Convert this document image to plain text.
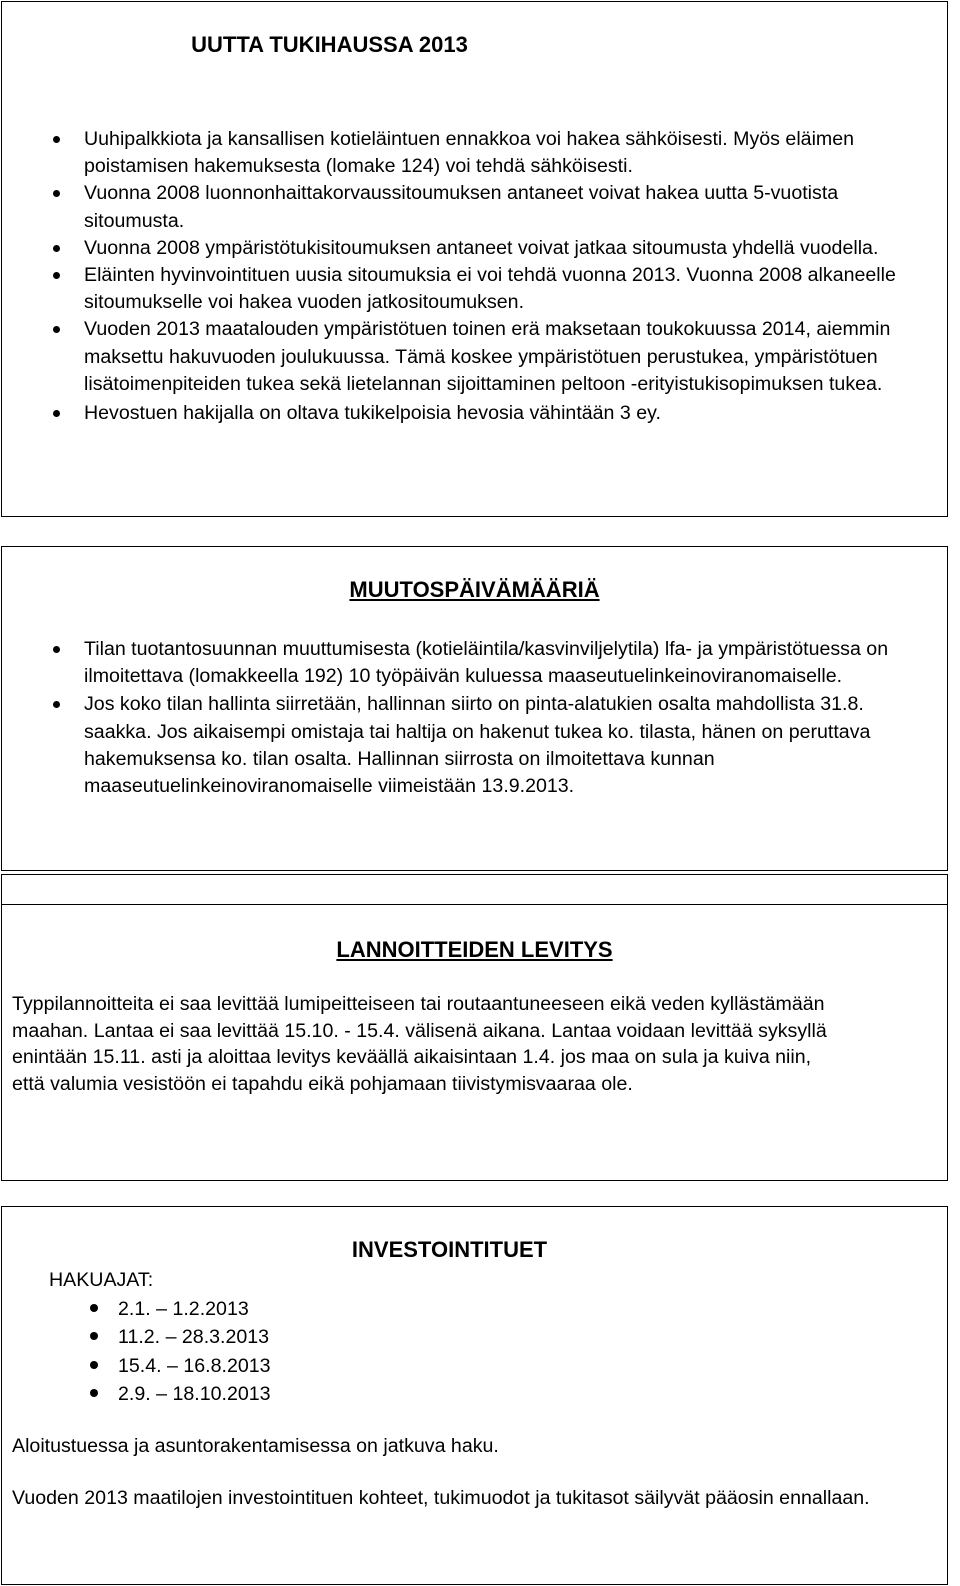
UUTTA TUKIHAUSSA 2013
Uuhipalkkiota ja kansallisen kotieläintuen ennakkoa voi hakea sähköisesti. Myös eläimen poistamisen hakemuksesta (lomake 124) voi tehdä sähköisesti.
Vuonna 2008 luonnonhaittakorvaussitoumuksen antaneet voivat hakea uutta 5-vuotista sitoumusta.
Vuonna 2008 ympäristötukisitoumuksen antaneet voivat jatkaa sitoumusta yhdellä vuodella.
Eläinten hyvinvointituen uusia sitoumuksia ei voi tehdä vuonna 2013. Vuonna 2008 alkaneelle sitoumukselle voi hakea vuoden jatkositoumuksen.
Vuoden 2013 maatalouden ympäristötuen toinen erä maksetaan toukokuussa 2014, aiemmin maksettu hakuvuoden joulukuussa. Tämä koskee ympäristötuen perustukea, ympäristötuen lisätoimenpiteiden tukea sekä lietelannan sijoittaminen peltoon -erityistukisopimuksen tukea.
Hevostuen hakijalla on oltava tukikelpoisia hevosia vähintään 3 ey.
MUUTOSPÄIVÄMÄÄRIÄ
Tilan tuotantosuunnan muuttumisesta (kotieläintila/kasvinviljelytila) lfa- ja ympäristötuessa on ilmoitettava (lomakkeella 192) 10 työpäivän kuluessa maaseutuelinkeinoviranomaiselle.
Jos koko tilan hallinta siirretään, hallinnan siirto on pinta-alatukien osalta mahdollista 31.8. saakka. Jos aikaisempi omistaja tai haltija on hakenut tukea ko. tilasta, hänen on peruttava hakemuksensa ko. tilan osalta. Hallinnan siirrosta on ilmoitettava kunnan maaseutuelinkeinoviranomaiselle viimeistään 13.9.2013.
LANNOITTEIDEN LEVITYS

Typpilannoitteita ei saa levittää lumipeitteiseen tai routaantuneeseen eikä veden kyllästämään maahan. Lantaa ei saa levittää 15.10. - 15.4. välisenä aikana. Lantaa voidaan levittää syksyllä enintään 15.11. asti ja aloittaa levitys keväällä aikaisintaan 1.4. jos maa on sula ja kuiva niin, että valumia vesistöön ei tapahdu eikä pohjamaan tiivistymisvaaraa ole.

INVESTOINTITUET
HAKUAJAT:
2.1. – 1.2.2013
11.2. – 28.3.2013
15.4. – 16.8.2013
2.9. – 18.10.2013

Aloitustuessa ja asuntorakentamisessa on jatkuva haku.

Vuoden 2013 maatilojen investointituen kohteet, tukimuodot ja tukitasot säilyvät pääosin ennallaan.
